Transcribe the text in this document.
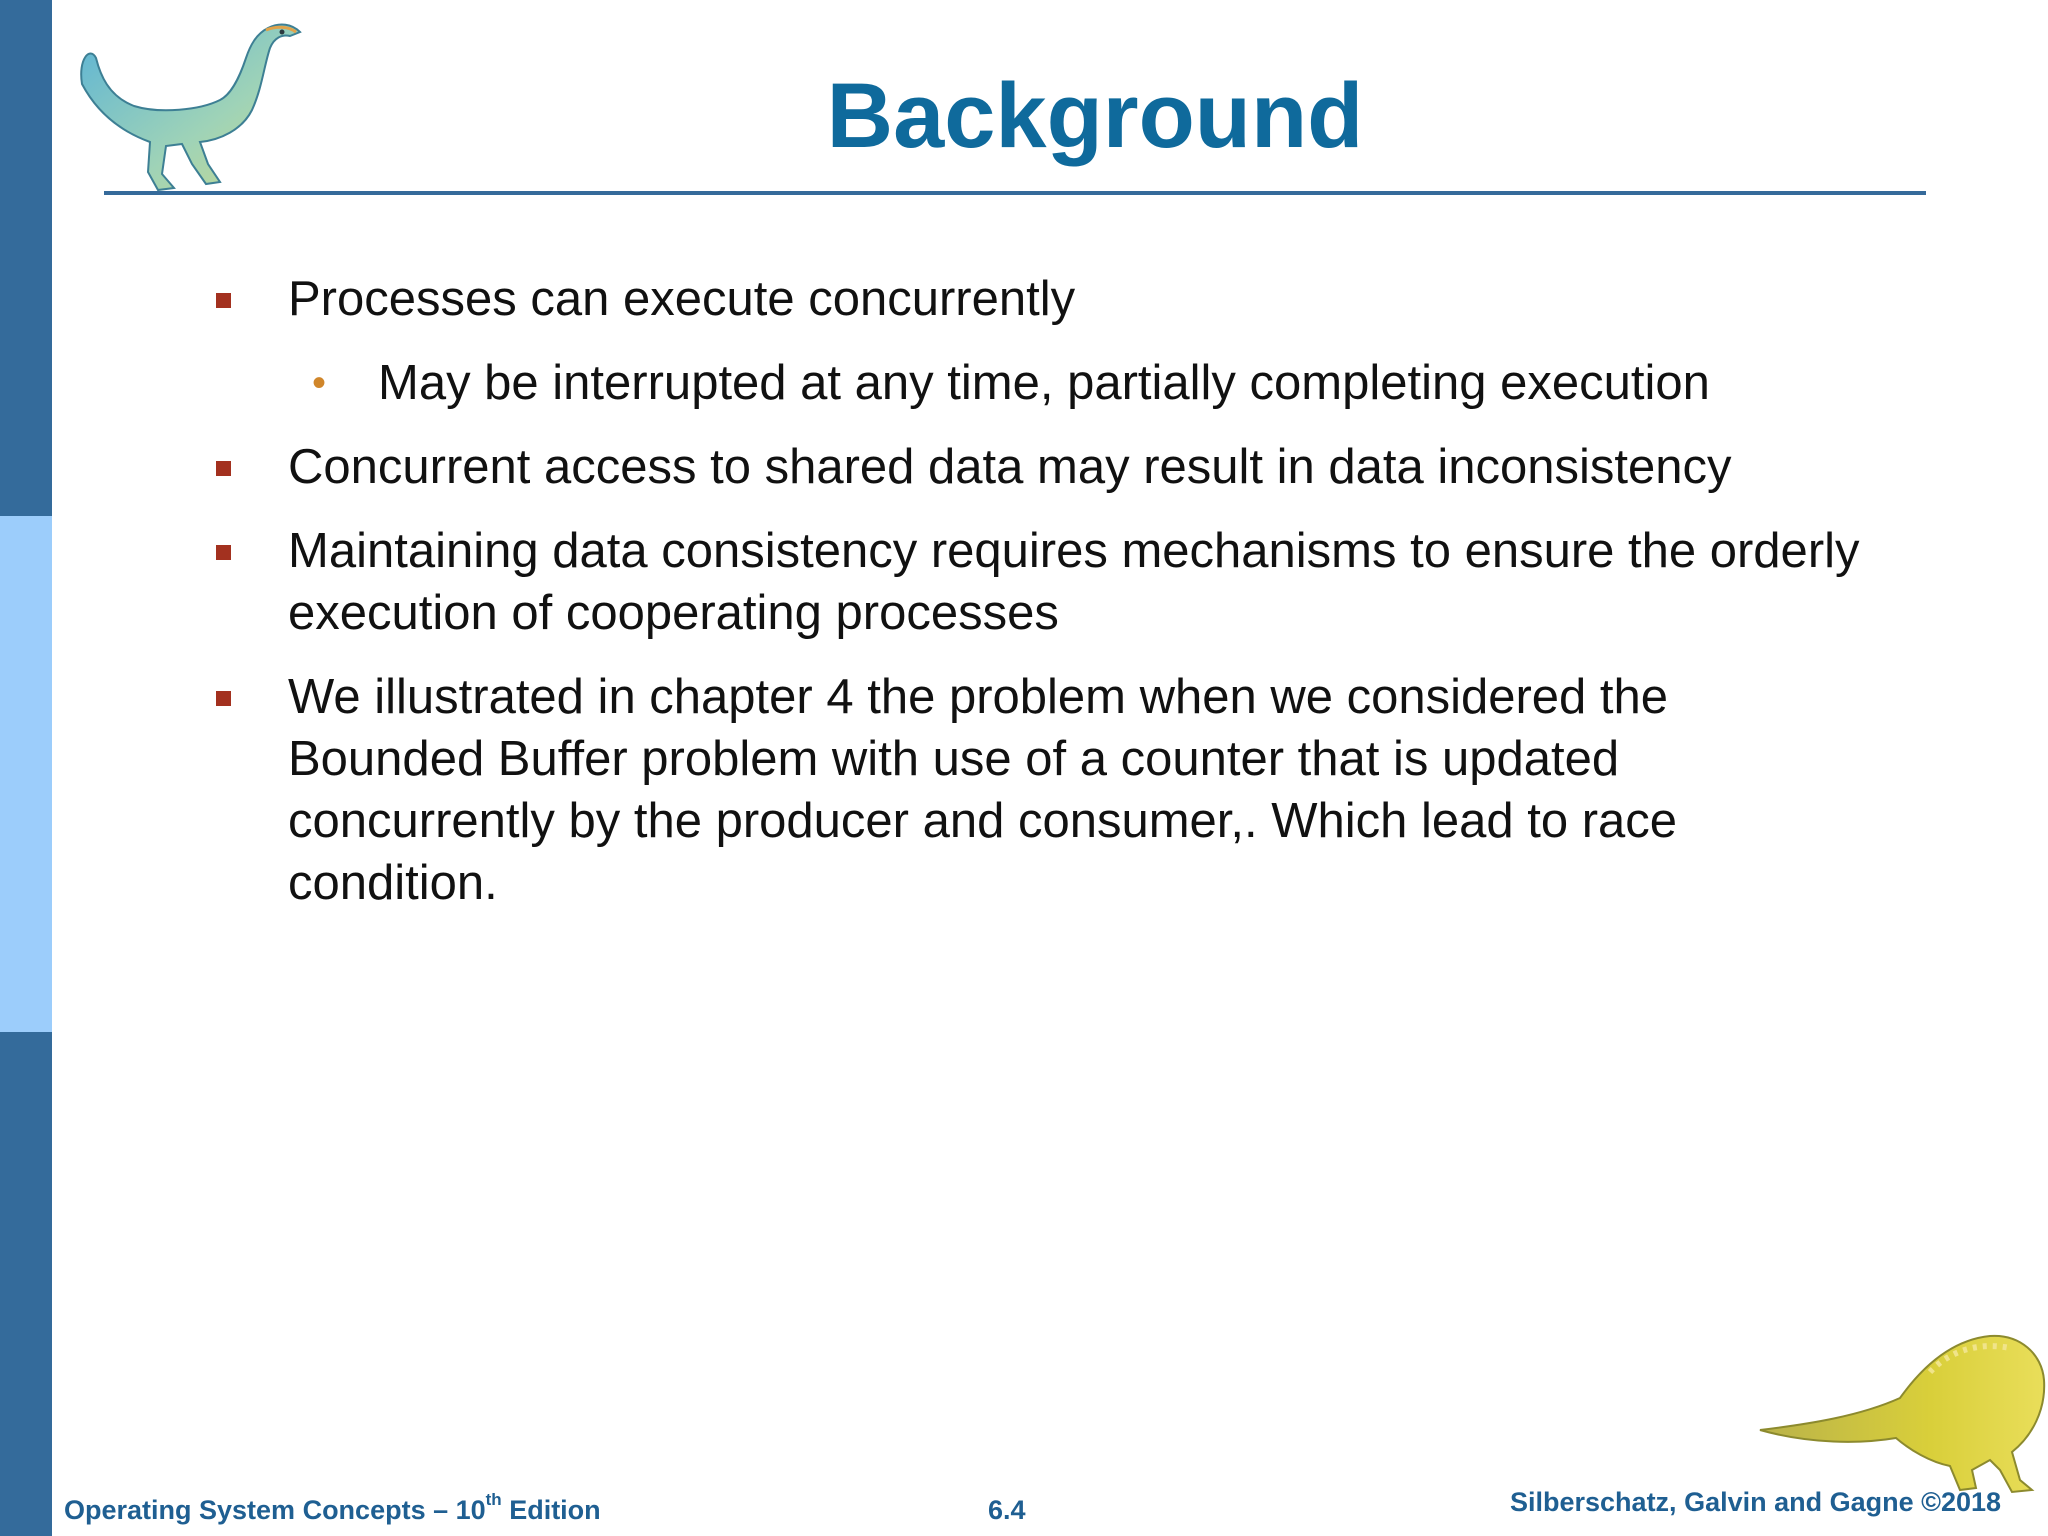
Background
Processes can execute concurrently
• May be interrupted at any time, partially completing execution
Concurrent access to shared data may result in data inconsistency
Maintaining data consistency requires mechanisms to ensure the orderly execution of cooperating processes
We illustrated in chapter 4 the problem when we considered the Bounded Buffer problem with use of a counter that is updated concurrently by the producer and consumer,. Which lead to race condition.
Operating System Concepts – 10th Edition	6.4	Silberschatz, Galvin and Gagne ©2018
